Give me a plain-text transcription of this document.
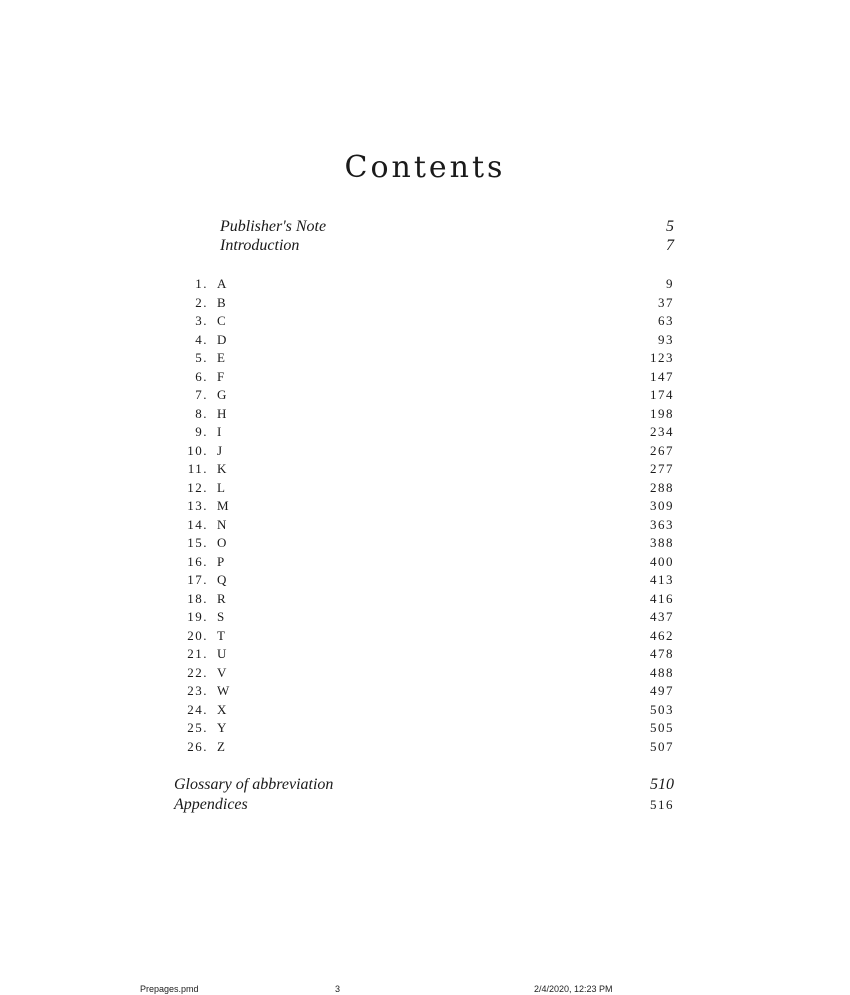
Contents
Publisher's Note	5
Introduction	7
1. A	9
2. B	37
3. C	63
4. D	93
5. E	123
6. F	147
7. G	174
8. H	198
9. I	234
10. J	267
11. K	277
12. L	288
13. M	309
14. N	363
15. O	388
16. P	400
17. Q	413
18. R	416
19. S	437
20. T	462
21. U	478
22. V	488
23. W	497
24. X	503
25. Y	505
26. Z	507
Glossary of abbreviation	510
Appendices	516
Prepages.pmd	3	2/4/2020, 12:23 PM
